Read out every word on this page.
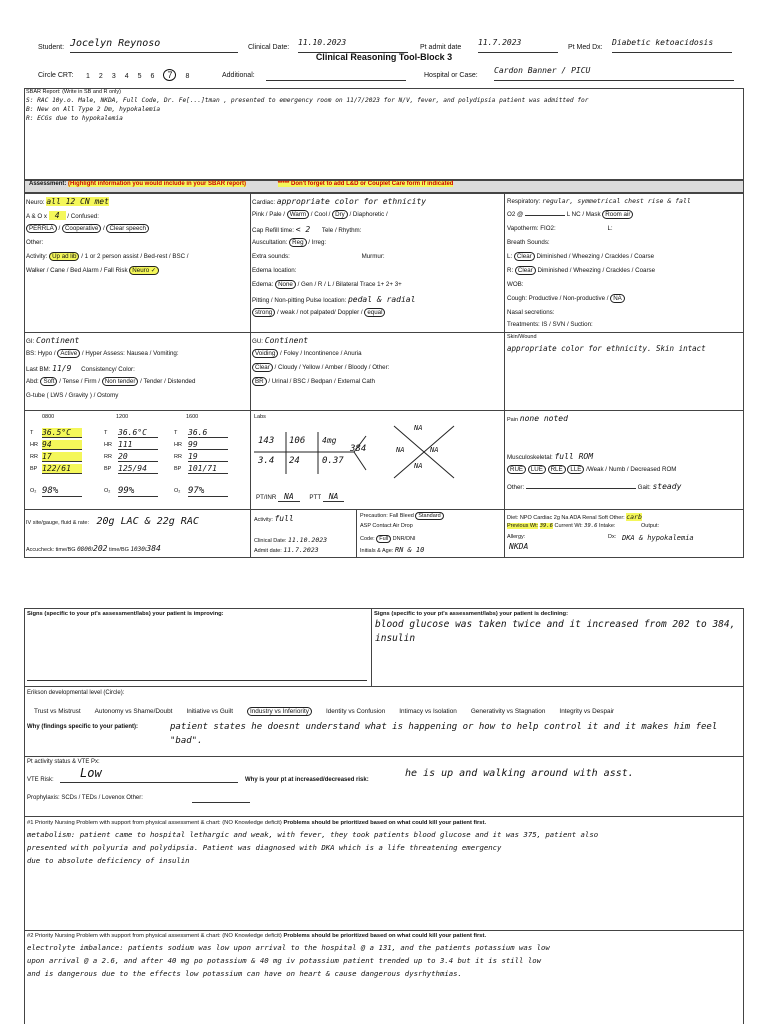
Clinical Reasoning Tool-Block 3
Student: Jocelyn Reynoso	Clinical Date:
11.10.2023
Pt admit date
11.7.2023
Pt Med Dx:
Diabetic ketoacidosis
Circle CRT: 1 2 3 4 5 6 7 8	Additional:	Hospital or Case:
Cardon Banner / PICU
SBAR Report: (Write in SB and R only)
S: RAC 10y.o. Male, NKDA, Full Code, Dr. Fe[...]tman , presented to emergency room on 11/7/2023 for N/V, fever, and polydipsia patient was admitted for
B: New on All Type 2 Dm, hypokalemia
R: ECGs due to hypokalemia
Assessment: (Highlight information you would include in your SBAR report)	***** Don't forget to add L&D or Couplet Care form if indicated
Neuro: all 12 CN met
A & O x 4 / Confused:
PERRLA / Cooperative / Clear speech
Other:
Activity: Up ad lib / 1 or 2 person assist / Bed-rest / BSC /
Walker / Cane / Bed Alarm / Fall Risk Neuro ✓
Cardiac: appropriate color for ethnicity
Pink / Pale / Warm / Cool / Dry / Diaphoretic /
Cap Refill time: < 2 Tele / Rhythm:
Auscultation: Reg / Irreg:
Extra sounds:	Murmur:
Edema location:
Edema: None / Gen / R / L / Bilateral Trace 1+ 2+ 3+
Pitting / Non-pitting Pulse location: pedal & radial
strong / weak / not palpated/ Doppler / equal
Respiratory: regular, symmetrical chest rise & fall
O2 @	L NC / Mask Room air
Vapotherm: FIO2:	L:
Breath Sounds:
L: Clear Diminished / Wheezing / Crackles / Coarse
R: Clear Diminished / Wheezing / Crackles / Coarse
WOB:
Cough: Productive / Non-productive / NA
Nasal secretions:
Treatments: IS / SVN / Suction:
GI: Continent
BS: Hypo / Active / Hyper Assess: Nausea / Vomiting:
Last BM: 11/9 Consistency/ Color:
Abd: Soft / Tense / Firm / Non tender / Tender / Distended
G-tube ( LWS / Gravity ) / Ostomy
GU: Continent
Voiding / Foley / Incontinence / Anuria
Clear / Cloudy / Yellow / Amber / Bloody / Other:
BR / Urinal / BSC / Bedpan / External Cath
Skin/Wound
appropriate color for ethnicity. Skin intact
0800
T 36.5°C
HR 94
RR 17
BP 122/61
O₂ 98%
1200
T 36.6°C
HR 111
RR 20
BP 125/94
O₂ 99%
1600
T 36.6
HR 99
RR 19
BP 101/71
O₂ 97%
Labs
143 106 4mg
384
3.4 24 0.37
NA
NA	NA
NA
PT/INR NA	PTT NA
Pain none noted
Musculoskeletal: full ROM
RUE LUE RLE LLE /Weak / Numb / Decreased ROM
Other:	Gait: steady
IV site/gauge, fluid & rate: 20g LAC & 22g RAC
Accucheck: time/BG 0800/202 time/BG 1030/384
Activity: full
Clinical Date: 11.10.2023
Admit date: 11.7.2023
Precaution: Fall Bleed Standard
ASP Contact Air Drop
Code: Full DNR/DNI
Initials & Age: RN & 10
Diet: NPO Cardiac 2g Na ADA Renal Soft Other: carb
Previous Wt: 39.6 Current Wt: 39.6 Intake:	Output:
Allergy:
NKDA
Dx: DKA & hypokalemia
Signs (specific to your pt's assessment/labs) your patient is improving:	Signs (specific to your pt's assessment/labs) your patient is declining:
blood glucose was taken twice and it increased from 202 to 384, insulin
Erikson developmental level (Circle):
Trust vs Mistrust Autonomy vs Shame/Doubt Initiative vs Guilt	Industry vs Inferiority	Identity vs Confusion Intimacy vs Isolation Generativity vs Stagnation Integrity vs Despair
Why (findings specific to your patient):	patient states he doesnt understand what is happening or how to help control it and it makes him feel "bad".
Pt activity status & VTE Px:
VTE Risk:	Low	Why is your pt at increased/decreased risk:
he is up and walking around with asst.
Prophylaxis: SCDs / TEDs / Lovenox Other:
#1 Priority Nursing Problem with support from physical assessment & chart: (NO Knowledge deficit) Problems should be prioritized based on what could kill your patient first.
metabolism: patient came to hospital lethargic and weak, with fever, they took patients blood glucose and it was 375, patient also
presented with polyuria and polydipsia. Patient was diagnosed with DKA which is a life threatening emergency
due to absolute deficiency of insulin
#2 Priority Nursing Problem with support from physical assessment & chart: (NO Knowledge deficit) Problems should be prioritized based on what could kill your patient first.
electrolyte imbalance: patients sodium was low upon arrival to the hospital @ a 131, and the patients potassium was low
upon arrival @ a 2.6, and after 40 mg po potassium & 40 mg iv potassium patient trended up to 3.4 but it is still low
and is dangerous due to the effects low potassium can have on heart & cause dangerous dysrhythmias.
